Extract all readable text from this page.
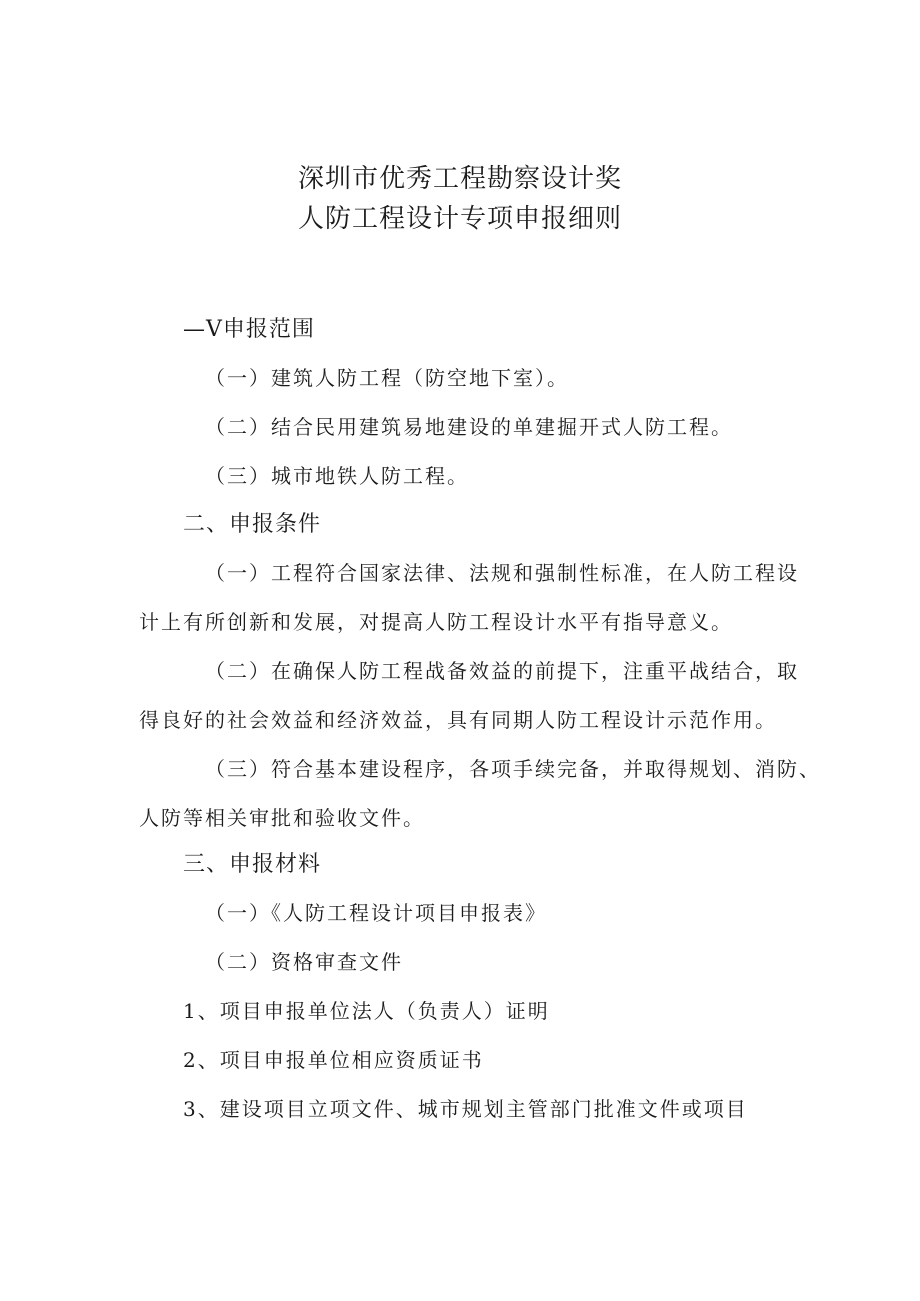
深圳市优秀工程勘察设计奖
人防工程设计专项申报细则

—V申报范围

（一）建筑人防工程（防空地下室）。

（二）结合民用建筑易地建设的单建掘开式人防工程。

（三）城市地铁人防工程。

二、申报条件

（一）工程符合国家法律、法规和强制性标准，在人防工程设

计上有所创新和发展，对提高人防工程设计水平有指导意义。

（二）在确保人防工程战备效益的前提下，注重平战结合，取

得良好的社会效益和经济效益，具有同期人防工程设计示范作用。

（三）符合基本建设程序，各项手续完备，并取得规划、消防、

人防等相关审批和验收文件。

三、申报材料

（一）《人防工程设计项目申报表》

（二）资格审查文件

1、项目申报单位法人（负责人）证明

2、项目申报单位相应资质证书

3、建设项目立项文件、城市规划主管部门批准文件或项目
